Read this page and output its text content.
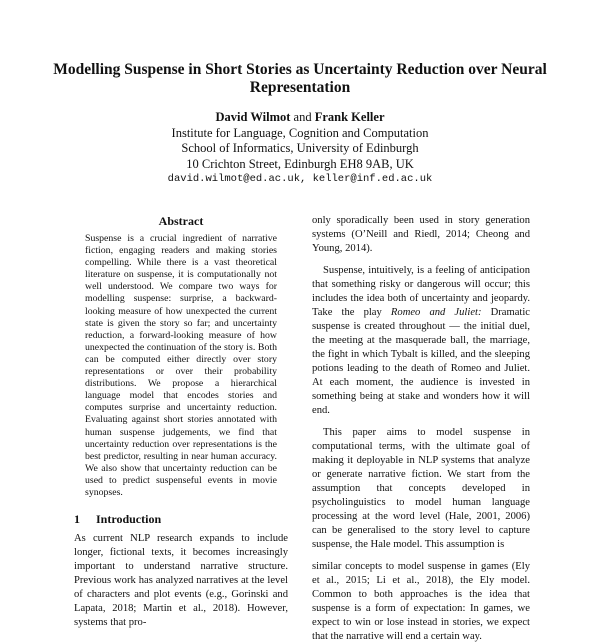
Modelling Suspense in Short Stories as Uncertainty Reduction over Neural Representation
David Wilmot and Frank Keller
Institute for Language, Cognition and Computation
School of Informatics, University of Edinburgh
10 Crichton Street, Edinburgh EH8 9AB, UK
david.wilmot@ed.ac.uk, keller@inf.ed.ac.uk
Abstract
Suspense is a crucial ingredient of narrative fiction, engaging readers and making stories compelling. While there is a vast theoretical literature on suspense, it is computationally not well understood. We compare two ways for modelling suspense: surprise, a backward-looking measure of how unexpected the current state is given the story so far; and uncertainty reduction, a forward-looking measure of how unexpected the continuation of the story is. Both can be computed either directly over story representations or over their probability distributions. We propose a hierarchical language model that encodes stories and computes surprise and uncertainty reduction. Evaluating against short stories annotated with human suspense judgements, we find that uncertainty reduction over representations is the best predictor, resulting in near human accuracy. We also show that uncertainty reduction can be used to predict suspenseful events in movie synopses.
1 Introduction

As current NLP research expands to include longer, fictional texts, it becomes increasingly important to understand narrative structure. Previous work has analyzed narratives at the level of characters and plot events (e.g., Gorinski and Lapata, 2018; Martin et al., 2018). However, systems that pro-

only sporadically been used in story generation systems (O’Neill and Riedl, 2014; Cheong and Young, 2014).

Suspense, intuitively, is a feeling of anticipation that something risky or dangerous will occur; this includes the idea both of uncertainty and jeopardy. Take the play Romeo and Juliet: Dramatic suspense is created throughout — the initial duel, the meeting at the masquerade ball, the marriage, the fight in which Tybalt is killed, and the sleeping potions leading to the death of Romeo and Juliet. At each moment, the audience is invested in something being at stake and wonders how it will end.

This paper aims to model suspense in computational terms, with the ultimate goal of making it deployable in NLP systems that analyze or generate narrative fiction. We start from the assumption that concepts developed in psycholinguistics to model human language processing at the word level (Hale, 2001, 2006) can be generalised to the story level to capture suspense, the Hale model. This assumption is

similar concepts to model suspense in games (Ely et al., 2015; Li et al., 2018), the Ely model. Common to both approaches is the idea that suspense is a form of expectation: In games, we expect to win or lose instead in stories, we expect that the narrative will end a certain way.
